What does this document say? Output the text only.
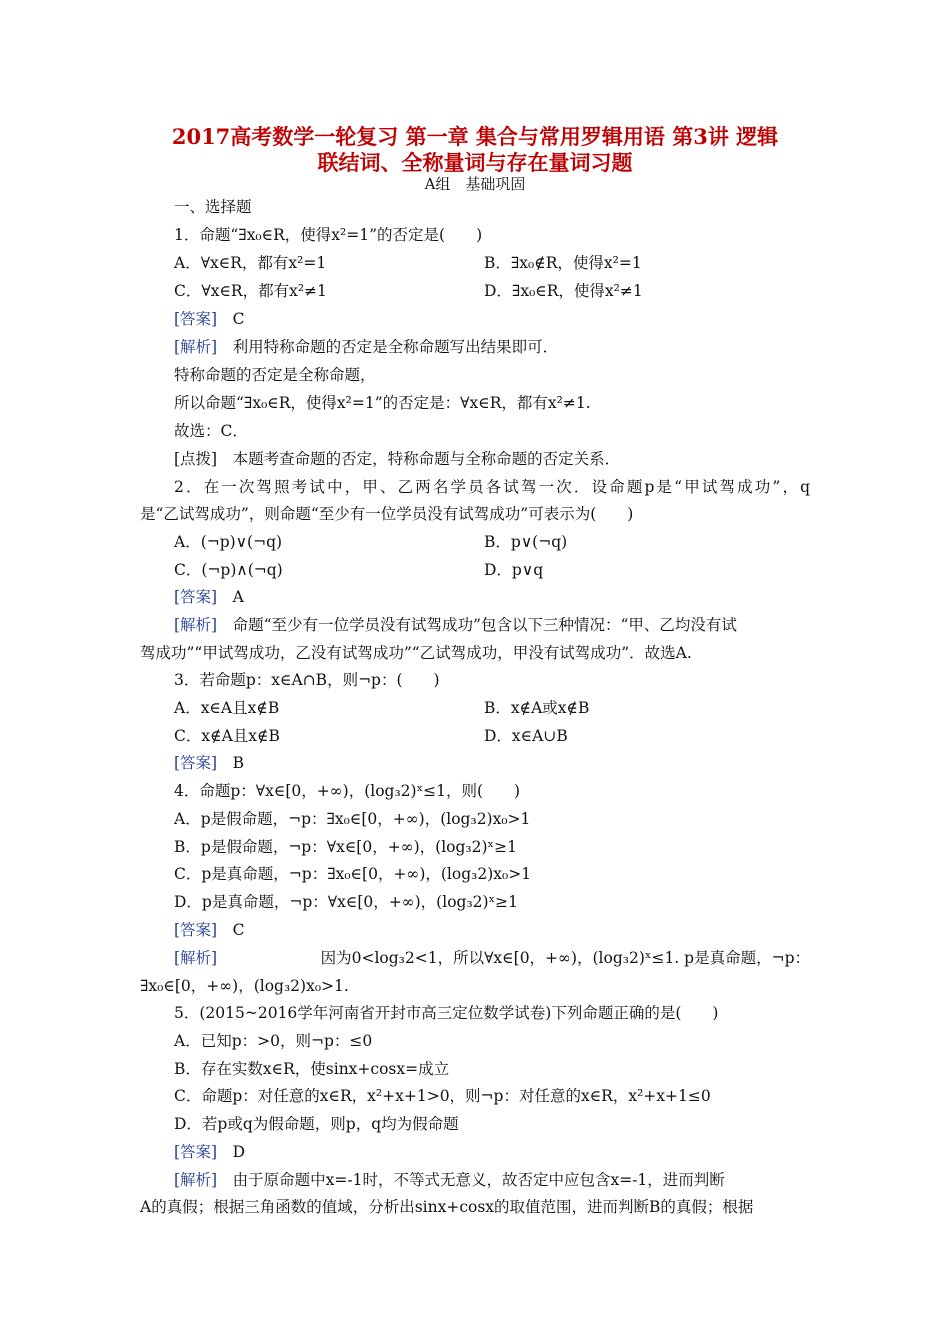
2017高考数学一轮复习 第一章 集合与常用罗辑用语 第3讲 逻辑
联结词、全称量词与存在量词习题
A组　基础巩固
一、选择题
1．命题“∃x₀∈R，使得x²=1”的否定是(　　)
A．∀x∈R，都有x²=1	B．∃x₀∉R，使得x²=1
C．∀x∈R，都有x²≠1	D．∃x₀∈R，使得x²≠1
[答案]　 C
[解析]　 利用特称命题的否定是全称命题写出结果即可．
特称命题的否定是全称命题，
所以命题“∃x₀∈R，使得x²=1”的否定是：∀x∈R，都有x²≠1.
故选：C．
[点拨]　 本题考查命题的否定，特称命题与全称命题的否定关系．
2．在一次驾照考试中，甲、乙两名学员各试驾一次．设命题p是“甲试驾成功”，q
是“乙试驾成功”，则命题“至少有一位学员没有试驾成功”可表示为(　　)
A．(¬p)∨(¬q)	B．p∨(¬q)
C．(¬p)∧(¬q)	D．p∨q
[答案]　 A
[解析]　 命题“至少有一位学员没有试驾成功”包含以下三种情况：“甲、乙均没有试
驾成功”“甲试驾成功，乙没有试驾成功”“乙试驾成功，甲没有试驾成功”．故选A.
3．若命题p：x∈A∩B，则¬p：(　　)
A．x∈A且x∉B	B．x∉A或x∉B
C．x∉A且x∉B	D．x∈A∪B
[答案]　 B
4．命题p：∀x∈[0，+∞)，(log₃2)ˣ≤1，则(　　)
A．p是假命题，¬p：∃x₀∈[0，+∞)，(log₃2)x₀>1
B．p是假命题，¬p：∀x∈[0，+∞)，(log₃2)ˣ≥1
C．p是真命题，¬p：∃x₀∈[0，+∞)，(log₃2)x₀>1
D．p是真命题，¬p：∀x∈[0，+∞)，(log₃2)ˣ≥1
[答案]　 C
[解析]	因为0<log₃2<1，所以∀x∈[0，+∞)，(log₃2)ˣ≤1. p是真命题，¬p：
∃x₀∈[0，+∞)，(log₃2)x₀>1.
5．(2015~2016学年河南省开封市高三定位数学试卷)下列命题正确的是(　　)
A．已知p：>0，则¬p：≤0
B．存在实数x∈R，使sinx+cosx=成立
C．命题p：对任意的x∈R，x²+x+1>0，则¬p：对任意的x∈R，x²+x+1≤0
D．若p或q为假命题，则p，q均为假命题
[答案]　 D
[解析]　 由于原命题中x=-1时，不等式无意义，故否定中应包含x=-1，进而判断
A的真假；根据三角函数的值域，分析出sinx+cosx的取值范围，进而判断B的真假；根据
